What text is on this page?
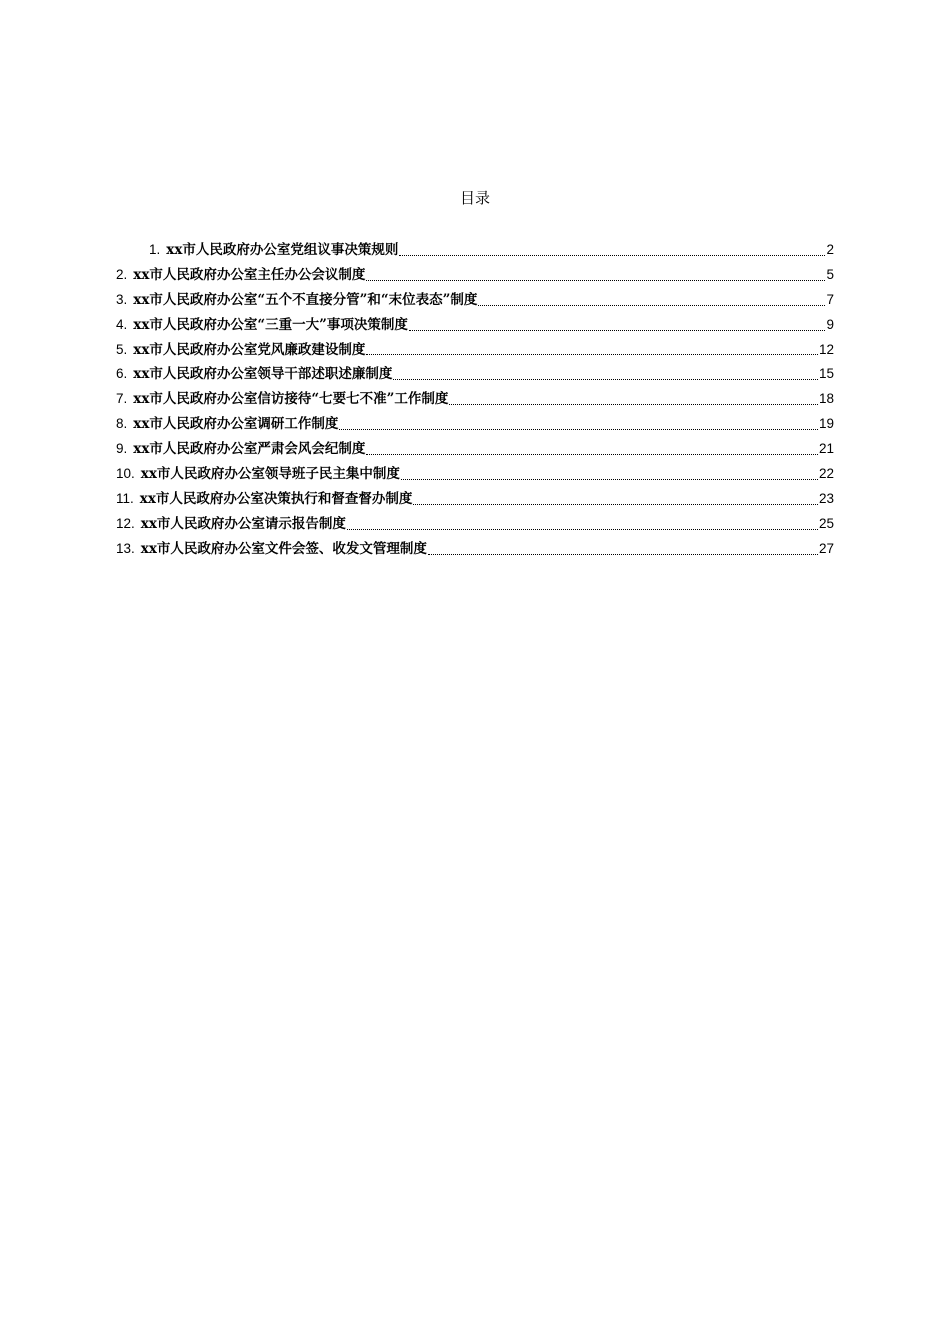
目录
1. xx市人民政府办公室党组议事决策规则	2
2. xx市人民政府办公室主任办公会议制度	5
3. xx市人民政府办公室“五个不直接分管”和“末位表态”制度	7
4. xx市人民政府办公室“三重一大”事项决策制度	9
5. xx市人民政府办公室党风廉政建设制度	12
6. xx市人民政府办公室领导干部述职述廉制度	15
7. xx市人民政府办公室信访接待“七要七不准”工作制度	18
8. xx市人民政府办公室调研工作制度	19
9. xx市人民政府办公室严肃会风会纪制度	21
10. xx市人民政府办公室领导班子民主集中制度	22
11. xx市人民政府办公室决策执行和督查督办制度	23
12. xx市人民政府办公室请示报告制度	25
13. xx市人民政府办公室文件会签、收发文管理制度	27
